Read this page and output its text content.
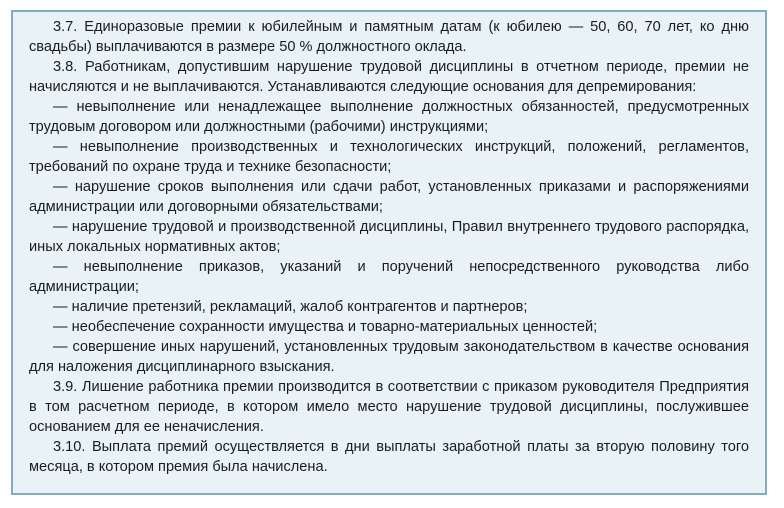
3.7. Единоразовые премии к юбилейным и памятным датам (к юбилею — 50, 60, 70 лет, ко дню свадьбы) выплачиваются в размере 50 % должностного оклада.

3.8. Работникам, допустившим нарушение трудовой дисциплины в отчетном периоде, премии не начисляются и не выплачиваются. Устанавливаются следующие основания для депремирования:

— невыполнение или ненадлежащее выполнение должностных обязанностей, предусмотренных трудовым договором или должностными (рабочими) инструкциями;

— невыполнение производственных и технологических инструкций, положений, регламентов, требований по охране труда и технике безопасности;

— нарушение сроков выполнения или сдачи работ, установленных приказами и распоряжениями администрации или договорными обязательствами;

— нарушение трудовой и производственной дисциплины, Правил внутреннего трудового распорядка, иных локальных нормативных актов;

— невыполнение приказов, указаний и поручений непосредственного руководства либо администрации;

— наличие претензий, рекламаций, жалоб контрагентов и партнеров;

— необеспечение сохранности имущества и товарно-материальных ценностей;

— совершение иных нарушений, установленных трудовым законодательством в качестве основания для наложения дисциплинарного взыскания.

3.9. Лишение работника премии производится в соответствии с приказом руководителя Предприятия в том расчетном периоде, в котором имело место нарушение трудовой дисциплины, послужившее основанием для ее неначисления.

3.10. Выплата премий осуществляется в дни выплаты заработной платы за вторую половину того месяца, в котором премия была начислена.
